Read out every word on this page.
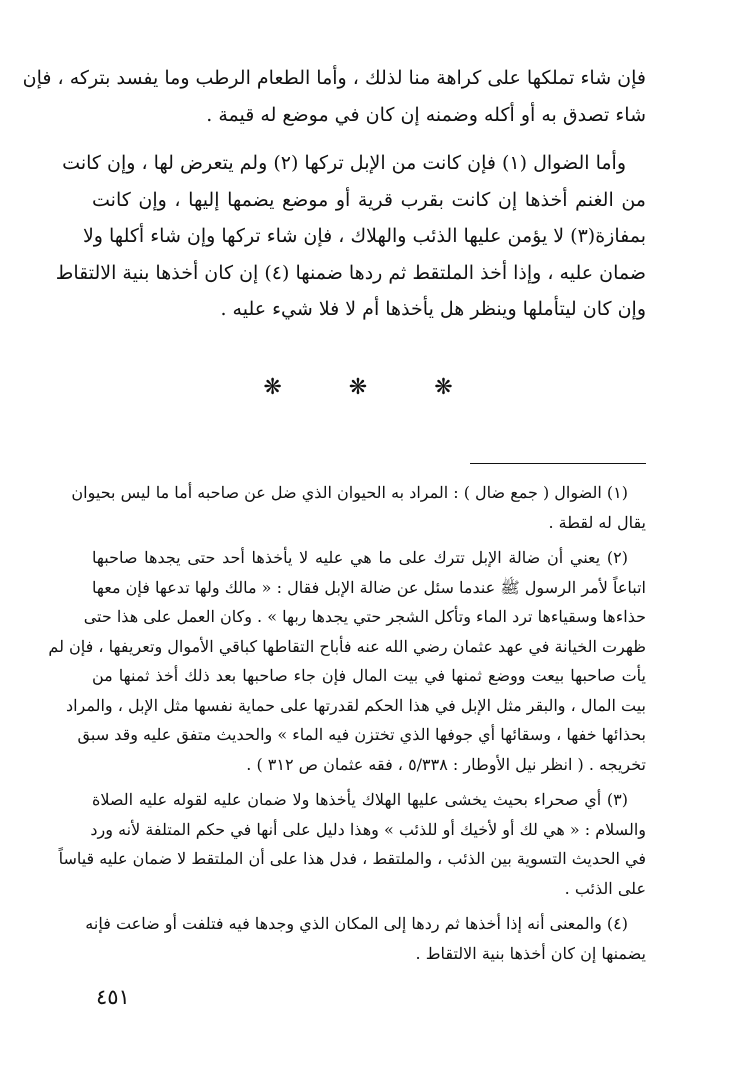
فإن شاء تملكها على كراهة منا لذلك ، وأما الطعام الرطب وما يفسد بتركه ، فإن
شاء تصدق به أو أكله وضمنه إن كان في موضع له قيمة .
وأما الضوال (١) فإن كانت من الإبل تركها (٢) ولم يتعرض لها ، وإن كانت
من الغنم أخذها إن كانت بقرب قرية أو موضع يضمها إليها ، وإن كانت
بمفازة(٣) لا يؤمن عليها الذئب والهلاك ، فإن شاء تركها وإن شاء أكلها ولا
ضمان عليه ، وإذا أخذ الملتقط ثم ردها ضمنها (٤) إن كان أخذها بنية الالتقاط
وإن كان ليتأملها وينظر هل يأخذها أم لا فلا شيء عليه .
❋ ❋ ❋
(١) الضوال ( جمع ضال ) : المراد به الحيوان الذي ضل عن صاحبه أما ما ليس بحيوان
يقال له لقطة .
(٢) يعني أن ضالة الإبل تترك على ما هي عليه لا يأخذها أحد حتى يجدها صاحبها
اتباعاً لأمر الرسول ﷺ عندما سئل عن ضالة الإبل فقال : « مالك ولها تدعها فإن معها
حذاءها وسقياءها ترد الماء وتأكل الشجر حتي يجدها ربها » . وكان العمل على هذا حتى
ظهرت الخيانة في عهد عثمان رضي الله عنه فأباح التقاطها كباقي الأموال وتعريفها ، فإن لم
يأت صاحبها بيعت ووضع ثمنها في بيت المال فإن جاء صاحبها بعد ذلك أخذ ثمنها من
بيت المال ، والبقر مثل الإبل في هذا الحكم لقدرتها على حماية نفسها مثل الإبل ، والمراد
بحذائها خفها ، وسقائها أي جوفها الذي تختزن فيه الماء » والحديث متفق عليه وقد سبق
تخريجه . ( انظر نيل الأوطار : ٥/٣٣٨ ، فقه عثمان ص ٣١٢ ) .
(٣) أي صحراء بحيث يخشى عليها الهلاك يأخذها ولا ضمان عليه لقوله عليه الصلاة
والسلام : « هي لك أو لأخيك أو للذئب » وهذا دليل على أنها في حكم المتلفة لأنه ورد
في الحديث التسوية بين الذئب ، والملتقط ، فدل هذا على أن الملتقط لا ضمان عليه قياساً
على الذئب .
(٤) والمعنى أنه إذا أخذها ثم ردها إلى المكان الذي وجدها فيه فتلفت أو ضاعت فإنه
يضمنها إن كان أخذها بنية الالتقاط .
٤٥١
